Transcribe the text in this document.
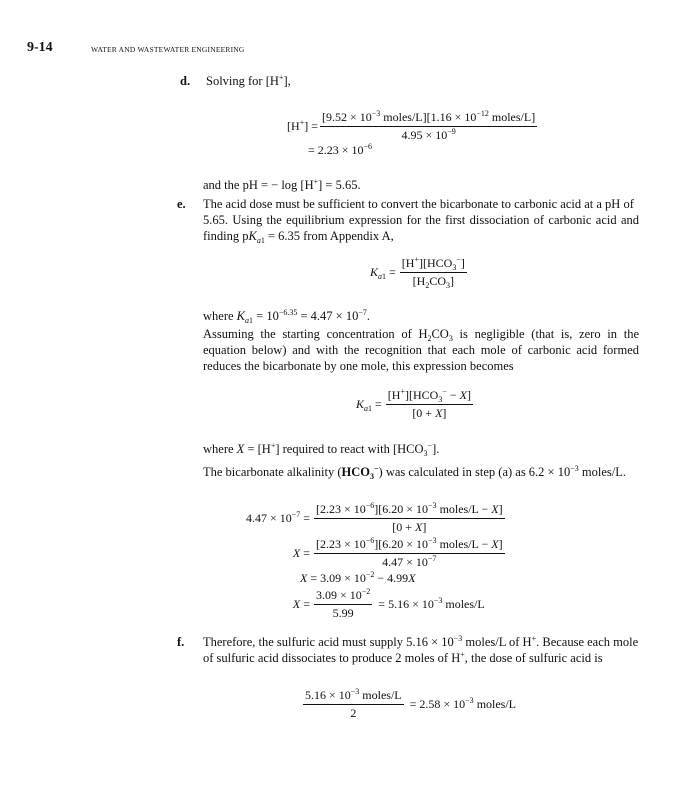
9-14	WATER AND WASTEWATER ENGINEERING
d. Solving for [H+],
$[H^+] = \frac{[9.52 \times 10^{-3} moles/L][1.16 \times 10^{-12} moles/L]}{4.95 \times 10^{-9}}$
= $2.23 \times 10^{-6}$
and the pH = − log [H+] = 5.65.
e. The acid dose must be sufficient to convert the bicarbonate to carbonic acid at a pH of
5.65. Using the equilibrium expression for the first dissociation of carbonic acid and finding $pK_{a1} = 6.35$ from Appendix A,
$K_{a1} = \frac{[H^+][HCO_3^-]}{[H_2CO_3]}$
where $K_{a1} = 10^{-6.35} = 4.47 \times 10^{-7}$.
Assuming the starting concentration of $H_2CO_3$ is negligible (that is, zero in the equation below) and with the recognition that each mole of carbonic acid formed reduces the bicarbonate by one mole, this expression becomes
$K_{a1} = \frac{[H^+][HCO_3^- - X]}{[0 + X]}$
where X = [H+] required to react with $[HCO_3^-]$.
The bicarbonate alkalinity $(HCO_3^-)$ was calculated in step (a) as $6.2 \times 10^{-3}$ moles/L.
$4.47 \times 10^{-7} = \frac{[2.23 \times 10^{-6}][6.20 \times 10^{-3} moles/L - X]}{[0 + X]}$
$X = \frac{[2.23 \times 10^{-6}][6.20 \times 10^{-3} moles/L - X]}{4.47 \times 10^{-7}}$
$X = 3.09 \times 10^{-2} - 4.99X$
$X = \frac{3.09 \times 10^{-2}}{5.99} = 5.16 \times 10^{-3}$ moles/L
f. Therefore, the sulfuric acid must supply $5.16 \times 10^{-3}$ moles/L of H+. Because each mole
of sulfuric acid dissociates to produce 2 moles of H+, the dose of sulfuric acid is
$\frac{5.16 \times 10^{-3} moles/L}{2} = 2.58 \times 10^{-3}$ moles/L
